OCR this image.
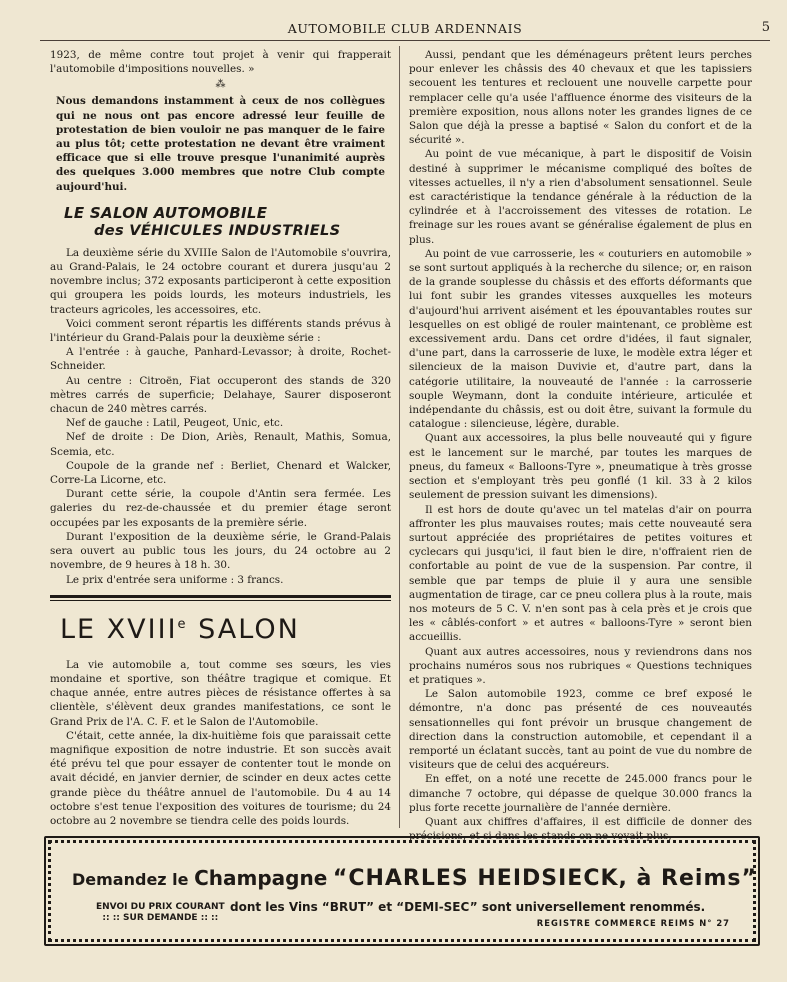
AUTOMOBILE CLUB ARDENNAIS	5

1923, de même contre tout projet à venir qui frapperait l'automobile d'impositions nouvelles. »

⁂

Nous demandons instamment à ceux de nos collègues qui ne nous ont pas encore adressé leur feuille de protestation de bien vouloir ne pas manquer de le faire au plus tôt; cette protestation ne devant être vraiment efficace que si elle trouve presque l'unanimité auprès des quelques 3.000 membres que notre Club compte aujourd'hui.

LE SALON AUTOMOBILE
des VÉHICULES INDUSTRIELS

La deuxième série du XVIIIe Salon de l'Automobile s'ouvrira, au Grand-Palais, le 24 octobre courant et durera jusqu'au 2 novembre inclus; 372 exposants participeront à cette exposition qui groupera les poids lourds, les moteurs industriels, les tracteurs agricoles, les accessoires, etc.

Voici comment seront répartis les différents stands prévus à l'intérieur du Grand-Palais pour la deuxième série :

A l'entrée : à gauche, Panhard-Levassor; à droite, Rochet-Schneider.

Au centre : Citroën, Fiat occuperont des stands de 320 mètres carrés de superficie; Delahaye, Saurer disposeront chacun de 240 mètres carrés.

Nef de gauche : Latil, Peugeot, Unic, etc.

Nef de droite : De Dion, Ariès, Renault, Mathis, Somua, Scemia, etc.

Coupole de la grande nef : Berliet, Chenard et Walcker, Corre-La Licorne, etc.

Durant cette série, la coupole d'Antin sera fermée. Les galeries du rez-de-chaussée et du premier étage seront occupées par les exposants de la première série.

Durant l'exposition de la deuxième série, le Grand-Palais sera ouvert au public tous les jours, du 24 octobre au 2 novembre, de 9 heures à 18 h. 30.

Le prix d'entrée sera uniforme : 3 francs.

LE XVIIIe SALON

La vie automobile a, tout comme ses sœurs, les vies mondaine et sportive, son théâtre tragique et comique. Et chaque année, entre autres pièces de résistance offertes à sa clientèle, s'élèvent deux grandes manifestations, ce sont le Grand Prix de l'A. C. F. et le Salon de l'Automobile.

C'était, cette année, la dix-huitième fois que paraissait cette magnifique exposition de notre industrie. Et son succès avait été prévu tel que pour essayer de contenter tout le monde on avait décidé, en janvier dernier, de scinder en deux actes cette grande pièce du théâtre annuel de l'automobile. Du 4 au 14 octobre s'est tenue l'exposition des voitures de tourisme; du 24 octobre au 2 novembre se tiendra celle des poids lourds.

Aussi, pendant que les déménageurs prêtent leurs perches pour enlever les châssis des 40 chevaux et que les tapissiers secouent les tentures et reclouent une nouvelle carpette pour remplacer celle qu'a usée l'affluence énorme des visiteurs de la première exposition, nous allons noter les grandes lignes de ce Salon que déjà la presse a baptisé « Salon du confort et de la sécurité ».

Au point de vue mécanique, à part le dispositif de Voisin destiné à supprimer le mécanisme compliqué des boîtes de vitesses actuelles, il n'y a rien d'absolument sensationnel. Seule est caractéristique la tendance générale à la réduction de la cylindrée et à l'accroissement des vitesses de rotation. Le freinage sur les roues avant se généralise également de plus en plus.

Au point de vue carrosserie, les « couturiers en automobile » se sont surtout appliqués à la recherche du silence; or, en raison de la grande souplesse du châssis et des efforts déformants que lui font subir les grandes vitesses auxquelles les moteurs d'aujourd'hui arrivent aisément et les épouvantables routes sur lesquelles on est obligé de rouler maintenant, ce problème est excessivement ardu. Dans cet ordre d'idées, il faut signaler, d'une part, dans la carrosserie de luxe, le modèle extra léger et silencieux de la maison Duvivie et, d'autre part, dans la catégorie utilitaire, la nouveauté de l'année : la carrosserie souple Weymann, dont la conduite intérieure, articulée et indépendante du châssis, est ou doit être, suivant la formule du catalogue : silencieuse, légère, durable.

Quant aux accessoires, la plus belle nouveauté qui y figure est le lancement sur le marché, par toutes les marques de pneus, du fameux « Balloons-Tyre », pneumatique à très grosse section et s'employant très peu gonflé (1 kil. 33 à 2 kilos seulement de pression suivant les dimensions).

Il est hors de doute qu'avec un tel matelas d'air on pourra affronter les plus mauvaises routes; mais cette nouveauté sera surtout appréciée des propriétaires de petites voitures et cyclecars qui jusqu'ici, il faut bien le dire, n'offraient rien de confortable au point de vue de la suspension. Par contre, il semble que par temps de pluie il y aura une sensible augmentation de tirage, car ce pneu collera plus à la route, mais nos moteurs de 5 C. V. n'en sont pas à cela près et je crois que les « câblés-confort » et autres « balloons-Tyre » seront bien accueillis.

Quant aux autres accessoires, nous y reviendrons dans nos prochains numéros sous nos rubriques « Questions techniques et pratiques ».

Le Salon automobile 1923, comme ce bref exposé le démontre, n'a donc pas présenté de ces nouveautés sensationnelles qui font prévoir un brusque changement de direction dans la construction automobile, et cependant il a remporté un éclatant succès, tant au point de vue du nombre de visiteurs que de celui des acquéreurs.

En effet, on a noté une recette de 245.000 francs pour le dimanche 7 octobre, qui dépasse de quelque 30.000 francs la plus forte recette journalière de l'année dernière.

Quant aux chiffres d'affaires, il est difficile de donner des précisions, et si dans les stands on ne voyait plus,

Demandez le Champagne “CHARLES HEIDSIECK, à Reims”
ENVOI DU PRIX COURANT
:: :: SUR DEMANDE :: ::
dont les Vins “BRUT” et “DEMI-SEC” sont universellement renommés.
REGISTRE COMMERCE REIMS N° 27
